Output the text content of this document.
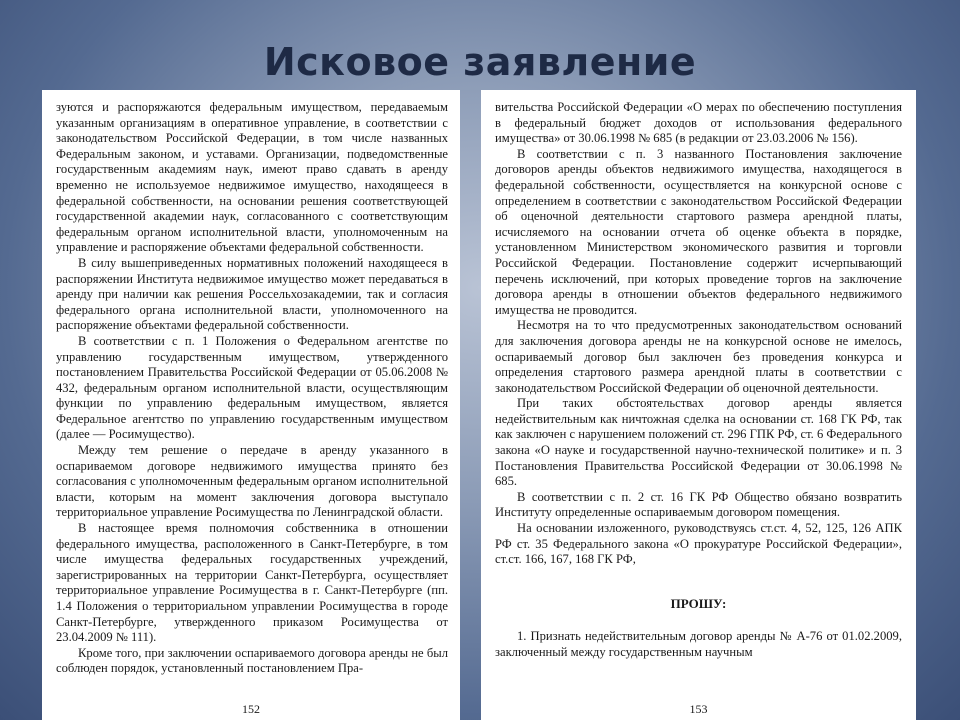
Исковое заявление

зуются и распоряжаются федеральным имуществом, передаваемым указанным организациям в оперативное управление, в соответствии с законодательством Российской Федерации, в том числе названных Федеральным законом, и уставами. Организации, подведомственные государственным академиям наук, имеют право сдавать в аренду временно не используемое недвижимое имущество, находящееся в федеральной собственности, на основании решения соответствующей государственной академии наук, согласованного с соответствующим федеральным органом исполнительной власти, уполномоченным на управление и распоряжение объектами федеральной собственности.

В силу вышеприведенных нормативных положений находящееся в распоряжении Института недвижимое имущество может передаваться в аренду при наличии как решения Россельхозакадемии, так и согласия федерального органа исполнительной власти, уполномоченного на распоряжение объектами федеральной собственности.

В соответствии с п. 1 Положения о Федеральном агентстве по управлению государственным имуществом, утвержденного постановлением Правительства Российской Федерации от 05.06.2008 № 432, федеральным органом исполнительной власти, осуществляющим функции по управлению федеральным имуществом, является Федеральное агентство по управлению государственным имуществом (далее — Росимущество).

Между тем решение о передаче в аренду указанного в оспариваемом договоре недвижимого имущества принято без согласования с уполномоченным федеральным органом исполнительной власти, которым на момент заключения договора выступало территориальное управление Росимущества по Ленинградской области.

В настоящее время полномочия собственника в отношении федерального имущества, расположенного в Санкт-Петербурге, в том числе имущества федеральных государственных учреждений, зарегистрированных на территории Санкт-Петербурга, осуществляет территориальное управление Росимущества в г. Санкт-Петербурге (пп. 1.4 Положения о территориальном управлении Росимущества в городе Санкт-Петербурге, утвержденного приказом Росимущества от 23.04.2009 № 111).

Кроме того, при заключении оспариваемого договора аренды не был соблюден порядок, установленный постановлением Пра-

152

вительства Российской Федерации «О мерах по обеспечению поступления в федеральный бюджет доходов от использования федерального имущества» от 30.06.1998 № 685 (в редакции от 23.03.2006 № 156).

В соответствии с п. 3 названного Постановления заключение договоров аренды объектов недвижимого имущества, находящегося в федеральной собственности, осуществляется на конкурсной основе с определением в соответствии с законодательством Российской Федерации об оценочной деятельности стартового размера арендной платы, исчисляемого на основании отчета об оценке объекта в порядке, установленном Министерством экономического развития и торговли Российской Федерации. Постановление содержит исчерпывающий перечень исключений, при которых проведение торгов на заключение договора аренды в отношении объектов федерального недвижимого имущества не проводится.

Несмотря на то что предусмотренных законодательством оснований для заключения договора аренды не на конкурсной основе не имелось, оспариваемый договор был заключен без проведения конкурса и определения стартового размера арендной платы в соответствии с законодательством Российской Федерации об оценочной деятельности.

При таких обстоятельствах договор аренды является недействительным как ничтожная сделка на основании ст. 168 ГК РФ, так как заключен с нарушением положений ст. 296 ГПК РФ, ст. 6 Федерального закона «О науке и государственной научно-технической политике» и п. 3 Постановления Правительства Российской Федерации от 30.06.1998 № 685.

В соответствии с п. 2 ст. 16 ГК РФ Общество обязано возвратить Институту определенные оспариваемым договором помещения.

На основании изложенного, руководствуясь ст.ст. 4, 52, 125, 126 АПК РФ ст. 35 Федерального закона «О прокуратуре Российской Федерации», ст.ст. 166, 167, 168 ГК РФ,

ПРОШУ:

1. Признать недействительным договор аренды № А-76 от 01.02.2009, заключенный между государственным научным

153
